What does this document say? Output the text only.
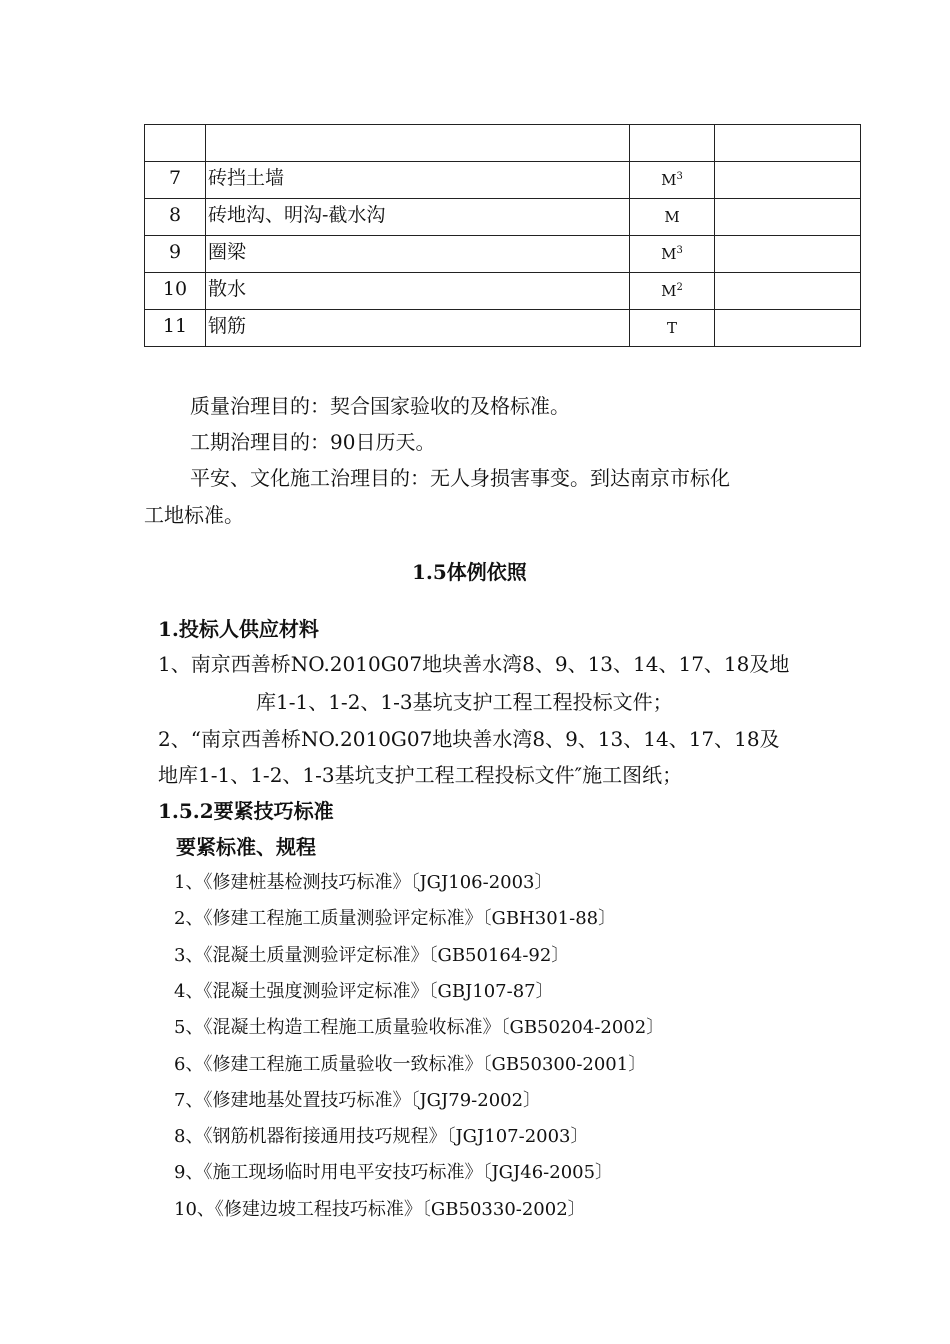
7	砖挡土墙	$M^3$	
8	砖地沟、明沟-截水沟	M	
9	圈梁	$M^3$	
10	散水	$M^2$	
11	钢筋	T	
质量治理目的：契合国家验收的及格标准。
工期治理目的：90日历天。
平安、文化施工治理目的：无人身损害事变。到达南京市标化
工地标准。
1.5体例依照
1.投标人供应材料
1、南京西善桥NO.2010G07地块善水湾8、9、13、14、17、18及地
库1-1、1-2、1-3基坑支护工程工程投标文件；
2、“南京西善桥NO.2010G07地块善水湾8、9、13、14、17、18及
地库1-1、1-2、1-3基坑支护工程工程投标文件″施工图纸；
1.5.2要紧技巧标准
要紧标准、规程
1、《修建桩基检测技巧标准》〔JGJ106-2003〕
2、《修建工程施工质量测验评定标准》〔GBH301-88〕
3、《混凝土质量测验评定标准》〔GB50164-92〕
4、《混凝土强度测验评定标准》〔GBJ107-87〕
5、《混凝土构造工程施工质量验收标准》〔GB50204-2002〕
6、《修建工程施工质量验收一致标准》〔GB50300-2001〕
7、《修建地基处置技巧标准》〔JGJ79-2002〕
8、《钢筋机器衔接通用技巧规程》〔JGJ107-2003〕
9、《施工现场临时用电平安技巧标准》〔JGJ46-2005〕
10、《修建边坡工程技巧标准》〔GB50330-2002〕
